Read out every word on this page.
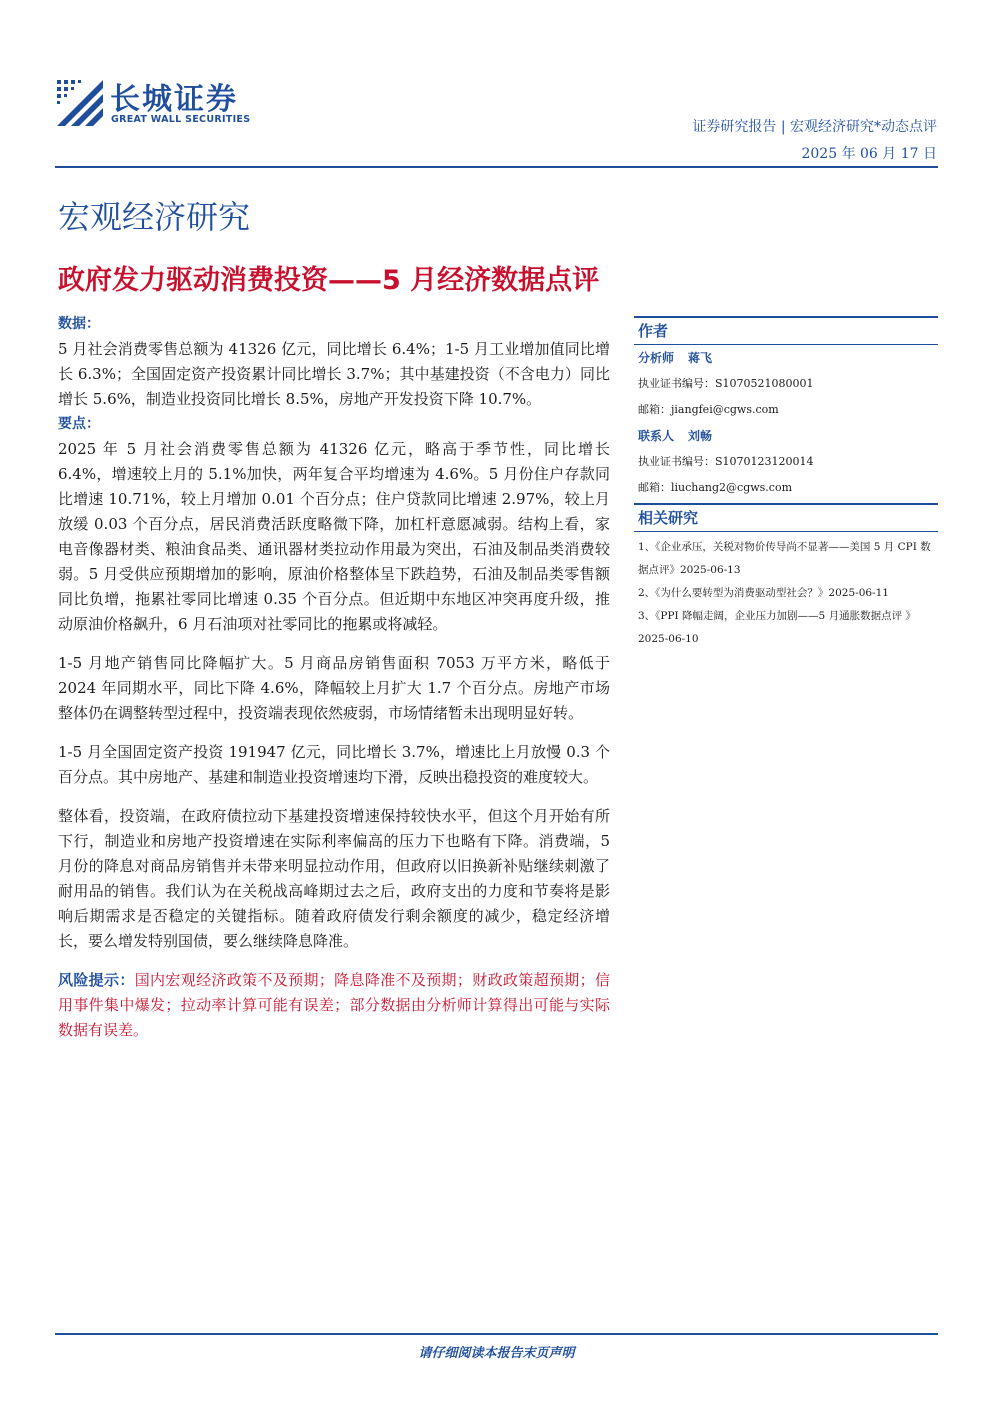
长城证券
GREAT WALL SECURITIES	证券研究报告 | 宏观经济研究*动态点评
2025 年 06 月 17 日
宏观经济研究
政府发力驱动消费投资——5 月经济数据点评
数据：
5 月社会消费零售总额为 41326 亿元，同比增长 6.4%；1-5 月工业增加值同比增长 6.3%；全国固定资产投资累计同比增长 3.7%；其中基建投资（不含电力）同比增长 5.6%，制造业投资同比增长 8.5%，房地产开发投资下降 10.7%。
要点：
2025 年 5 月社会消费零售总额为 41326 亿元，略高于季节性，同比增长 6.4%，增速较上月的 5.1%加快，两年复合平均增速为 4.6%。5 月份住户存款同比增速 10.71%，较上月增加 0.01 个百分点；住户贷款同比增速 2.97%，较上月放缓 0.03 个百分点，居民消费活跃度略微下降，加杠杆意愿减弱。结构上看，家电音像器材类、粮油食品类、通讯器材类拉动作用最为突出，石油及制品类消费较弱。5 月受供应预期增加的影响，原油价格整体呈下跌趋势，石油及制品类零售额同比负增，拖累社零同比增速 0.35 个百分点。但近期中东地区冲突再度升级，推动原油价格飙升，6 月石油项对社零同比的拖累或将减轻。
1-5 月地产销售同比降幅扩大。5 月商品房销售面积 7053 万平方米，略低于 2024 年同期水平，同比下降 4.6%，降幅较上月扩大 1.7 个百分点。房地产市场整体仍在调整转型过程中，投资端表现依然疲弱，市场情绪暂未出现明显好转。
1-5 月全国固定资产投资 191947 亿元，同比增长 3.7%，增速比上月放慢 0.3 个百分点。其中房地产、基建和制造业投资增速均下滑，反映出稳投资的难度较大。
整体看，投资端，在政府债拉动下基建投资增速保持较快水平，但这个月开始有所下行，制造业和房地产投资增速在实际利率偏高的压力下也略有下降。消费端，5 月份的降息对商品房销售并未带来明显拉动作用，但政府以旧换新补贴继续刺激了耐用品的销售。我们认为在关税战高峰期过去之后，政府支出的力度和节奏将是影响后期需求是否稳定的关键指标。随着政府债发行剩余额度的减少，稳定经济增长，要么增发特别国债，要么继续降息降准。
风险提示：国内宏观经济政策不及预期；降息降准不及预期；财政政策超预期；信用事件集中爆发；拉动率计算可能有误差；部分数据由分析师计算得出可能与实际数据有误差。
作者
分析师 蒋飞
执业证书编号：S1070521080001
邮箱：jiangfei@cgws.com
联系人 刘畅
执业证书编号：S1070123120014
邮箱：liuchang2@cgws.com
相关研究
1、《企业承压，关税对物价传导尚不显著——美国 5 月 CPI 数据点评》2025-06-13
2、《为什么要转型为消费驱动型社会？》2025-06-11
3、《PPI 降幅走阔，企业压力加剧——5 月通胀数据点评 》 2025-06-10
请仔细阅读本报告末页声明
